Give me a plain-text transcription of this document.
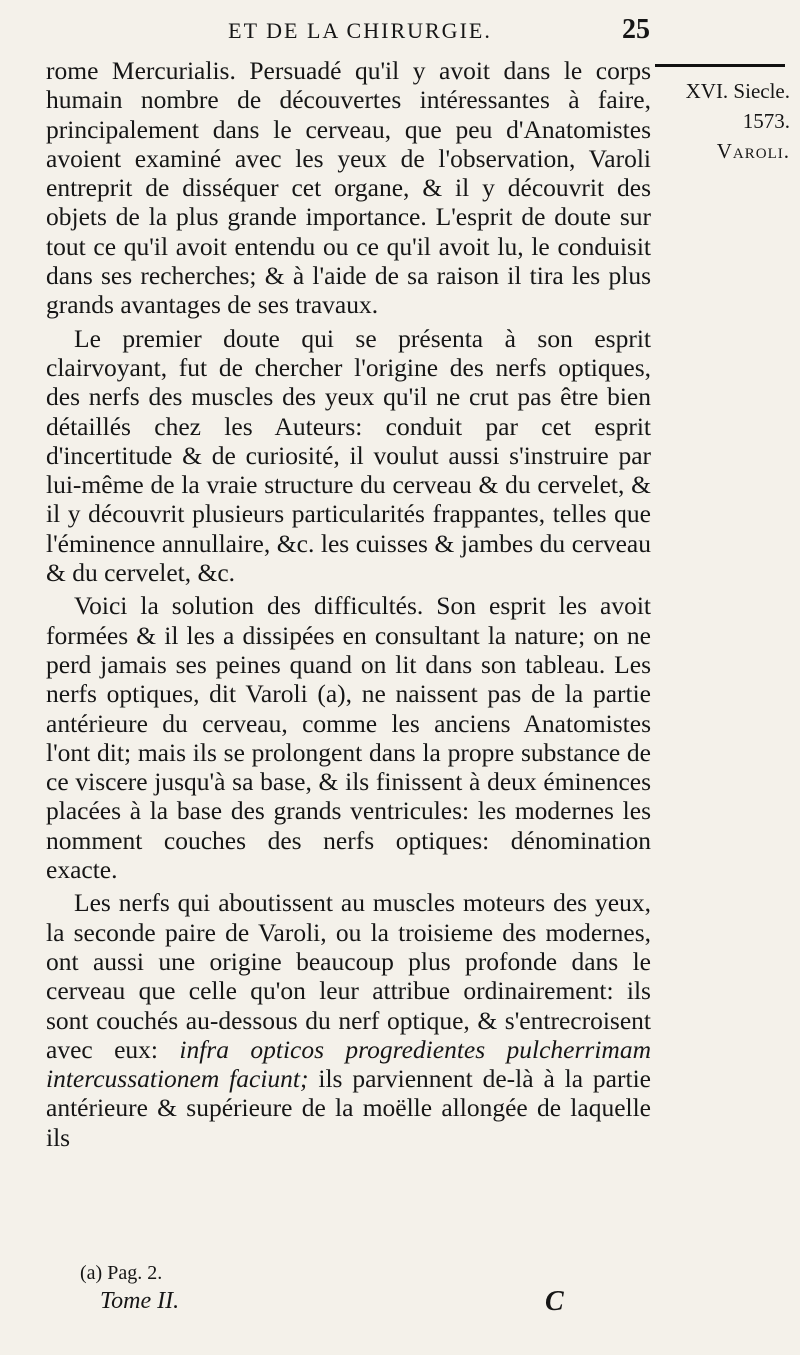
ET DE LA CHIRURGIE.	25
XVI. Siecle.
1573.
Varoli.

rome Mercurialis. Persuadé qu'il y avoit dans le corps humain nombre de découvertes intéressantes à faire, principalement dans le cerveau, que peu d'Anatomistes avoient examiné avec les yeux de l'observation, Varoli entreprit de disséquer cet organe, & il y découvrit des objets de la plus grande importance. L'esprit de doute sur tout ce qu'il avoit entendu ou ce qu'il avoit lu, le conduisit dans ses recherches; & à l'aide de sa raison il tira les plus grands avantages de ses travaux.

Le premier doute qui se présenta à son esprit clairvoyant, fut de chercher l'origine des nerfs optiques, des nerfs des muscles des yeux qu'il ne crut pas être bien détaillés chez les Auteurs: conduit par cet esprit d'incertitude & de curiosité, il voulut aussi s'instruire par lui-même de la vraie structure du cerveau & du cervelet, & il y découvrit plusieurs particularités frappantes, telles que l'éminence annullaire, &c. les cuisses & jambes du cerveau & du cervelet, &c.

Voici la solution des difficultés. Son esprit les avoit formées & il les a dissipées en consultant la nature; on ne perd jamais ses peines quand on lit dans son tableau. Les nerfs optiques, dit Varoli (a), ne naissent pas de la partie antérieure du cerveau, comme les anciens Anatomistes l'ont dit; mais ils se prolongent dans la propre substance de ce viscere jusqu'à sa base, & ils finissent à deux éminences placées à la base des grands ventricules: les modernes les nomment couches des nerfs optiques: dénomination exacte.

Les nerfs qui aboutissent au muscles moteurs des yeux, la seconde paire de Varoli, ou la troisieme des modernes, ont aussi une origine beaucoup plus profonde dans le cerveau que celle qu'on leur attribue ordinairement: ils sont couchés au-dessous du nerf optique, & s'entrecroisent avec eux: infra opticos progredientes pulcherrimam intercussationem faciunt; ils parviennent de-là à la partie antérieure & supérieure de la moëlle allongée de laquelle ils

(a) Pag. 2.
Tome II.	C
